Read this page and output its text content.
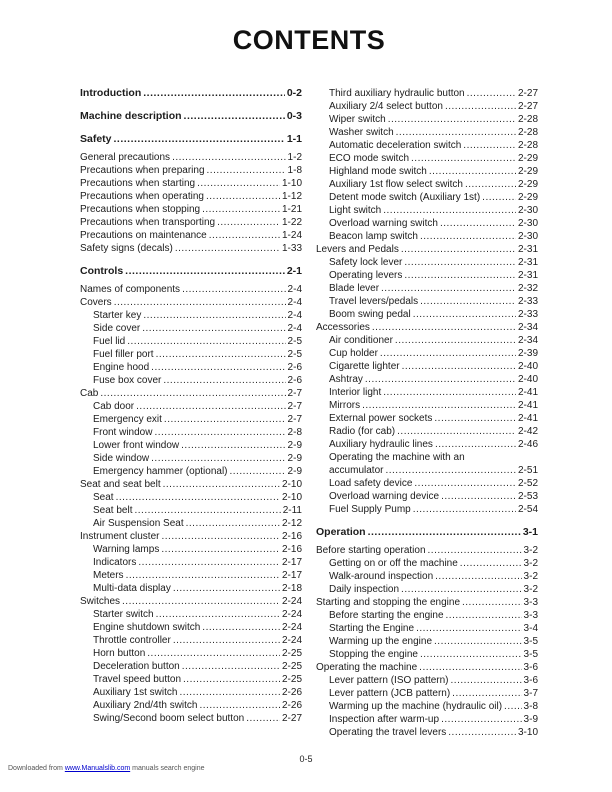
CONTENTS
Introduction .....	0-2
Machine description .....	0-3
Safety .....	1-1
General precautions .....	1-2
Precautions when preparing .....	1-8
Precautions when starting .....	1-10
Precautions when operating .....	1-12
Precautions when stopping .....	1-21
Precautions when transporting .....	1-22
Precautions on maintenance .....	1-24
Safety signs (decals) .....	1-33
Controls .....	2-1
Names of components .....	2-4
Covers .....	2-4
Starter key .....	2-4
Side cover .....	2-4
Fuel lid .....	2-5
Fuel filler port .....	2-5
Engine hood .....	2-6
Fuse box cover .....	2-6
Cab .....	2-7
Cab door .....	2-7
Emergency exit .....	2-7
Front window .....	2-8
Lower front window .....	2-9
Side window .....	2-9
Emergency hammer (optional) .....	2-9
Seat and seat belt .....	2-10
Seat .....	2-10
Seat belt .....	2-11
Air Suspension Seat .....	2-12
Instrument cluster .....	2-16
Warning lamps .....	2-16
Indicators .....	2-17
Meters .....	2-17
Multi-data display .....	2-18
Switches .....	2-24
Starter switch .....	2-24
Engine shutdown switch .....	2-24
Throttle controller .....	2-24
Horn button .....	2-25
Deceleration button .....	2-25
Travel speed button .....	2-25
Auxiliary 1st switch .....	2-26
Auxiliary 2nd/4th switch .....	2-26
Swing/Second boom select button .....	2-27
Third auxiliary hydraulic button .....	2-27
Auxiliary 2/4 select button .....	2-27
Wiper switch .....	2-28
Washer switch .....	2-28
Automatic deceleration switch .....	2-28
ECO mode switch .....	2-29
Highland mode switch .....	2-29
Auxiliary 1st flow select switch .....	2-29
Detent mode switch (Auxiliary 1st) .....	2-29
Light switch .....	2-30
Overload warning switch .....	2-30
Beacon lamp switch .....	2-30
Levers and Pedals .....	2-31
Safety lock lever .....	2-31
Operating levers .....	2-31
Blade lever .....	2-32
Travel levers/pedals .....	2-33
Boom swing pedal .....	2-33
Accessories .....	2-34
Air conditioner .....	2-34
Cup holder .....	2-39
Cigarette lighter .....	2-40
Ashtray .....	2-40
Interior light .....	2-41
Mirrors .....	2-41
External power sockets .....	2-41
Radio (for cab) .....	2-42
Auxiliary hydraulic lines .....	2-46
Operating the machine with an
accumulator .....	2-51
Load safety device .....	2-52
Overload warning device .....	2-53
Fuel Supply Pump .....	2-54
Operation .....	3-1
Before starting operation .....	3-2
Getting on or off the machine .....	3-2
Walk-around inspection .....	3-2
Daily inspection .....	3-2
Starting and stopping the engine .....	3-3
Before starting the engine .....	3-3
Starting the Engine .....	3-4
Warming up the engine .....	3-5
Stopping the engine .....	3-5
Operating the machine .....	3-6
Lever pattern (ISO pattern) .....	3-6
Lever pattern (JCB pattern) .....	3-7
Warming up the machine (hydraulic oil) ..... 3-8
Inspection after warm-up .....	3-9
Operating the travel levers .....	3-10
0-5
Downloaded from www.Manualslib.com manuals search engine
